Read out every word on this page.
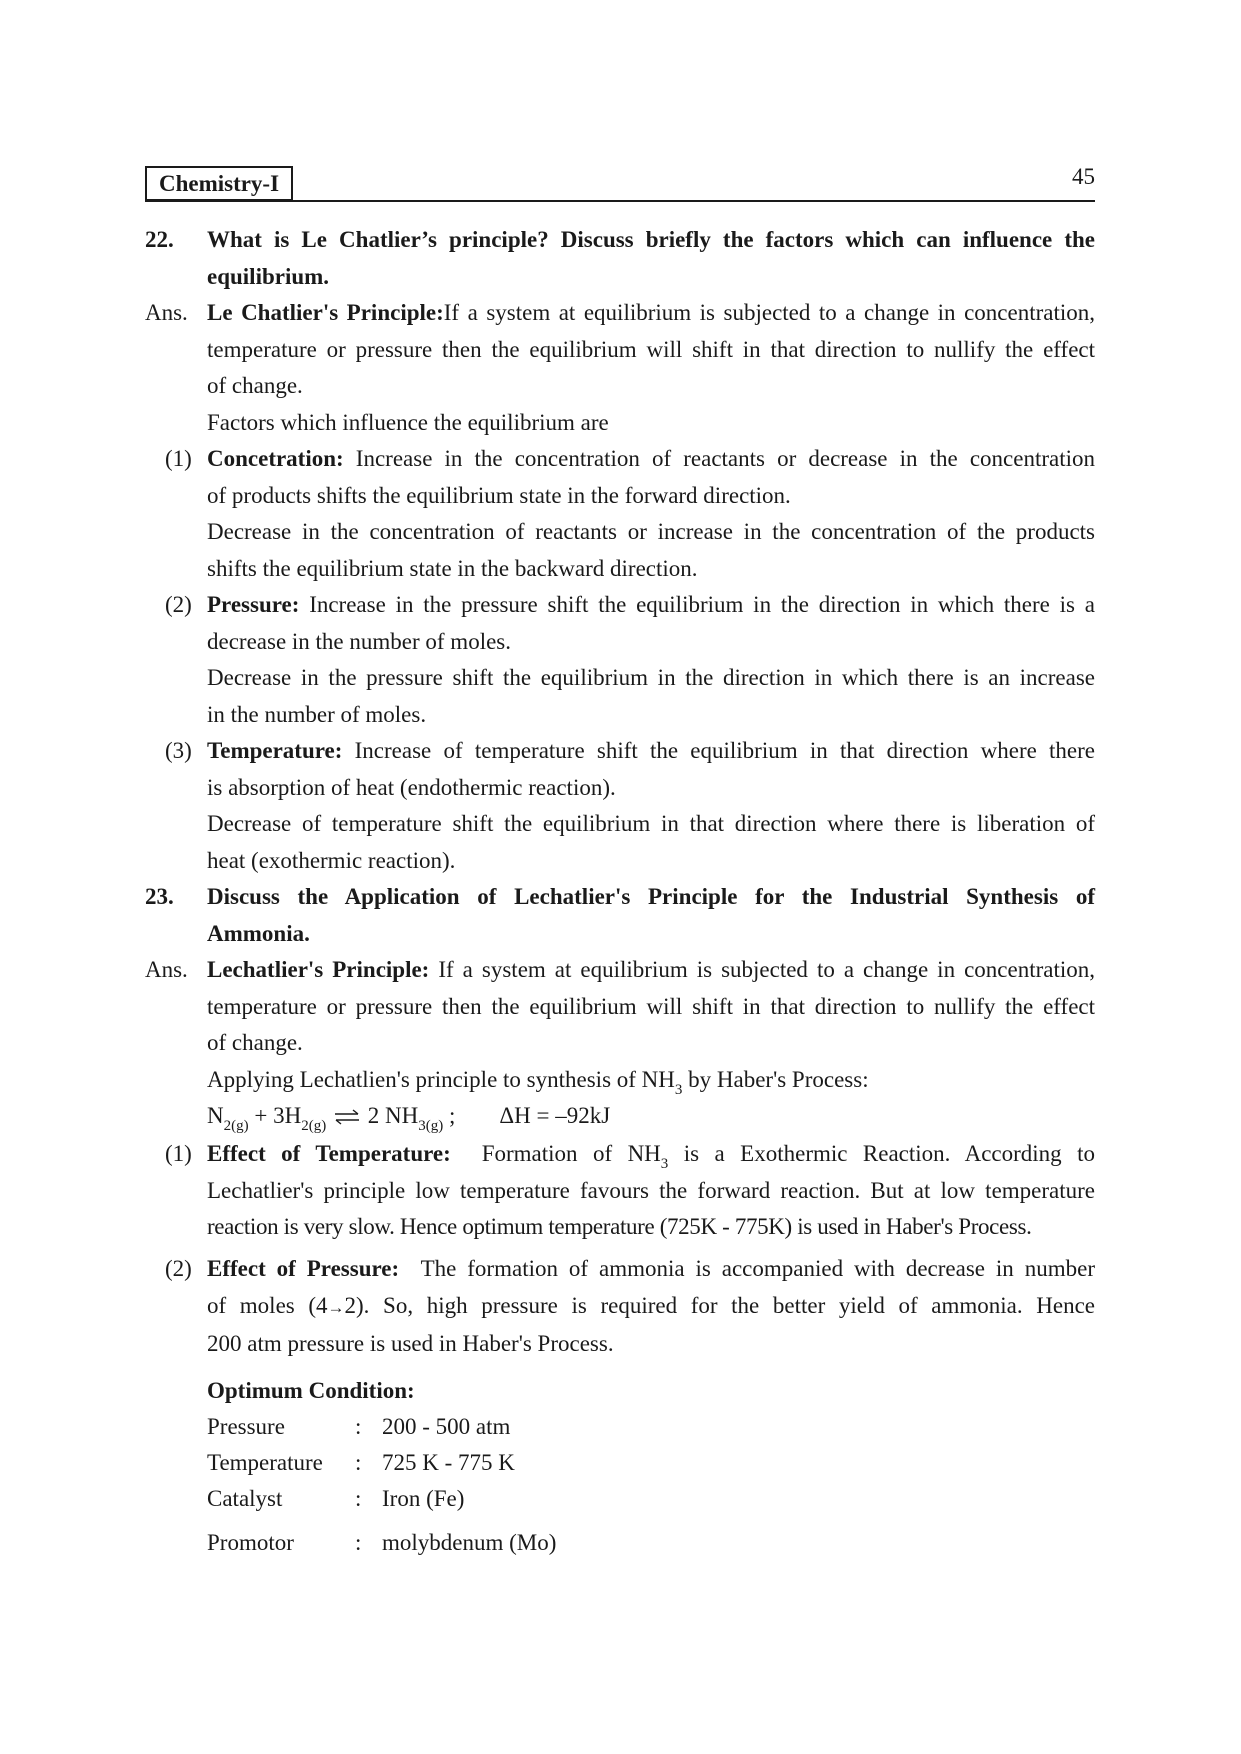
Chemistry-I	45
22. What is Le Chatlier’s principle? Discuss briefly the factors which can influence the
equilibrium.
Ans. Le Chatlier's Principle:If a system at equilibrium is subjected to a change in concentration,
temperature or pressure then the equilibrium will shift in that direction to nullify the effect
of change.
Factors which influence the equilibrium are
(1) Concetration: Increase in the concentration of reactants or decrease in the concentration
of products shifts the equilibrium state in the forward direction.
Decrease in the concentration of reactants or increase in the concentration of the products
shifts the equilibrium state in the backward direction.
(2) Pressure: Increase in the pressure shift the equilibrium in the direction in which there is a
decrease in the number of moles.
Decrease in the pressure shift the equilibrium in the direction in which there is an increase
in the number of moles.
(3) Temperature: Increase of temperature shift the equilibrium in that direction where there
is absorption of heat (endothermic reaction).
Decrease of temperature shift the equilibrium in that direction where there is liberation of
heat (exothermic reaction).
23. Discuss the Application of Lechatlier's Principle for the Industrial Synthesis of
Ammonia.
Ans. Lechatlier's Principle: If a system at equilibrium is subjected to a change in concentration,
temperature or pressure then the equilibrium will shift in that direction to nullify the effect
of change.
Applying Lechatlien's principle to synthesis of $NH_3$ by Haber's Process:
$N_{2(g)} + 3H_{2(g)}$ ⇌ 2 $NH_{3(g)}$ ; ΔH = –92kJ
(1) Effect of Temperature: Formation of $NH_3$ is a Exothermic Reaction. According to
Lechatlier's principle low temperature favours the forward reaction. But at low temperature
reaction is very slow. Hence optimum temperature (725K - 775K) is used in Haber's Process.
(2) Effect of Pressure: The formation of ammonia is accompanied with decrease in number
of moles (4→2). So, high pressure is required for the better yield of ammonia. Hence
200 atm pressure is used in Haber's Process.
Optimum Condition:
Pressure	: 200 - 500 atm
Temperature : 725 K - 775 K
Catalyst	: Iron (Fe)
Promotor	: molybdenum (Mo)
